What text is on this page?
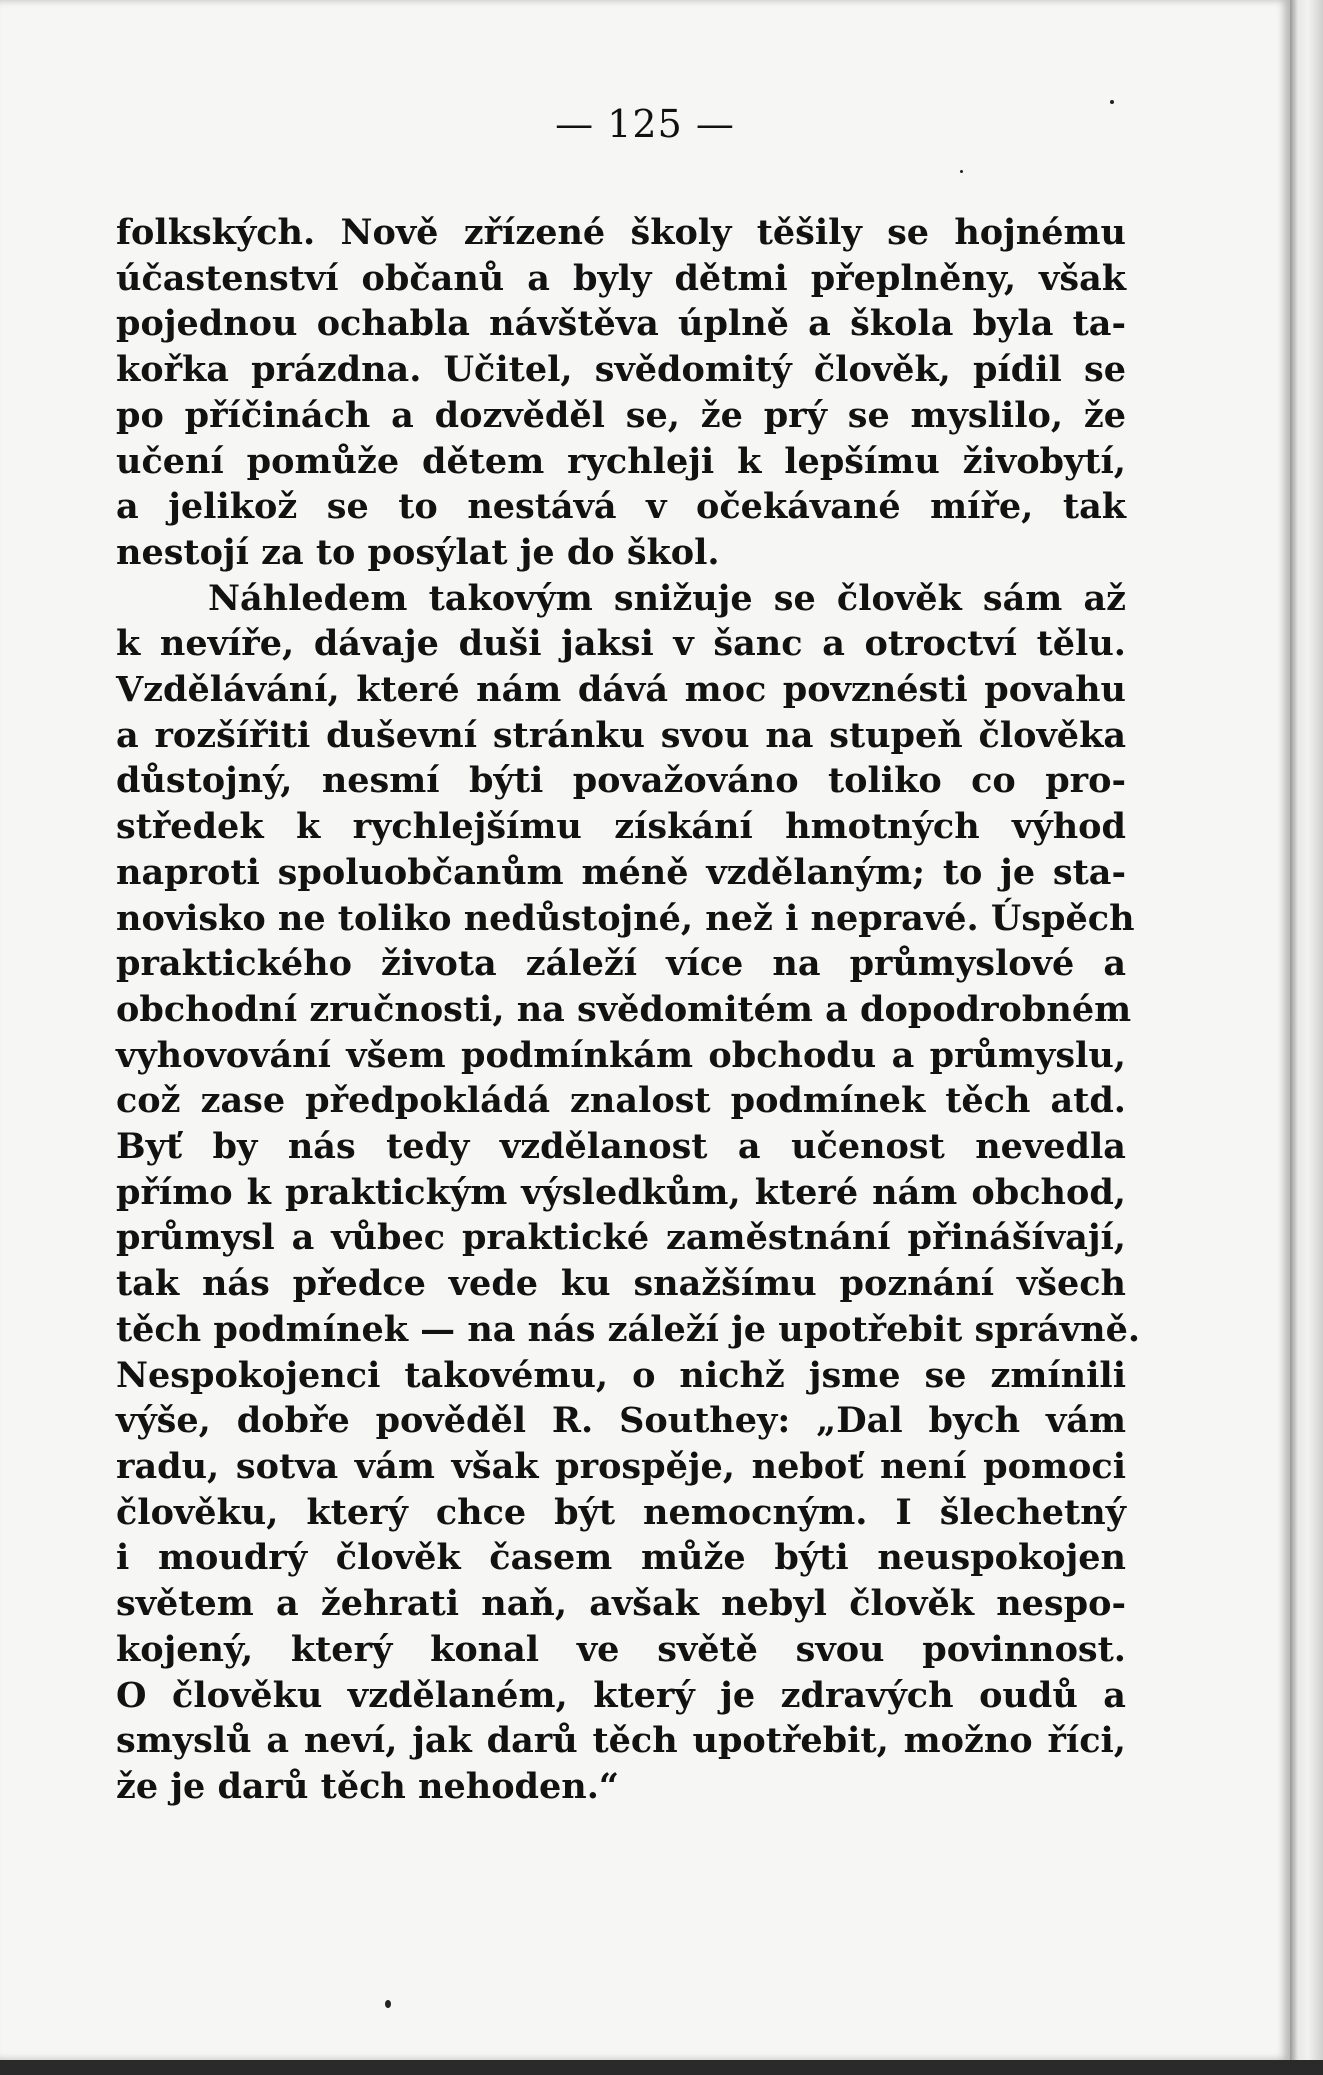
— 125 —
folkských. Nově zřízené školy těšily se hojnému
účastenství občanů a byly dětmi přeplněny, však
pojednou ochabla návštěva úplně a škola byla ta-
kořka prázdna. Učitel, svědomitý člověk, pídil se
po příčinách a dozvěděl se, že prý se myslilo, že
učení pomůže dětem rychleji k lepšímu živobytí,
a jelikož se to nestává v očekávané míře, tak
nestojí za to posýlat je do škol.
Náhledem takovým snižuje se člověk sám až
k nevíře, dávaje duši jaksi v šanc a otroctví tělu.
Vzdělávání, které nám dává moc povznésti povahu
a rozšířiti duševní stránku svou na stupeň člověka
důstojný, nesmí býti považováno toliko co pro-
středek k rychlejšímu získání hmotných výhod
naproti spoluobčanům méně vzdělaným; to je sta-
novisko ne toliko nedůstojné, než i nepravé. Úspěch
praktického života záleží více na průmyslové a
obchodní zručnosti, na svědomitém a dopodrobném
vyhovování všem podmínkám obchodu a průmyslu,
což zase předpokládá znalost podmínek těch atd.
Byť by nás tedy vzdělanost a učenost nevedla
přímo k praktickým výsledkům, které nám obchod,
průmysl a vůbec praktické zaměstnání přinášívají,
tak nás předce vede ku snažšímu poznání všech
těch podmínek — na nás záleží je upotřebit správně.
Nespokojenci takovému, o nichž jsme se zmínili
výše, dobře pověděl R. Southey: „Dal bych vám
radu, sotva vám však prospěje, neboť není pomoci
člověku, který chce být nemocným. I šlechetný
i moudrý člověk časem může býti neuspokojen
světem a žehrati naň, avšak nebyl člověk nespo-
kojený, který konal ve světě svou povinnost.
O člověku vzdělaném, který je zdravých oudů a
smyslů a neví, jak darů těch upotřebit, možno říci,
že je darů těch nehoden.“
